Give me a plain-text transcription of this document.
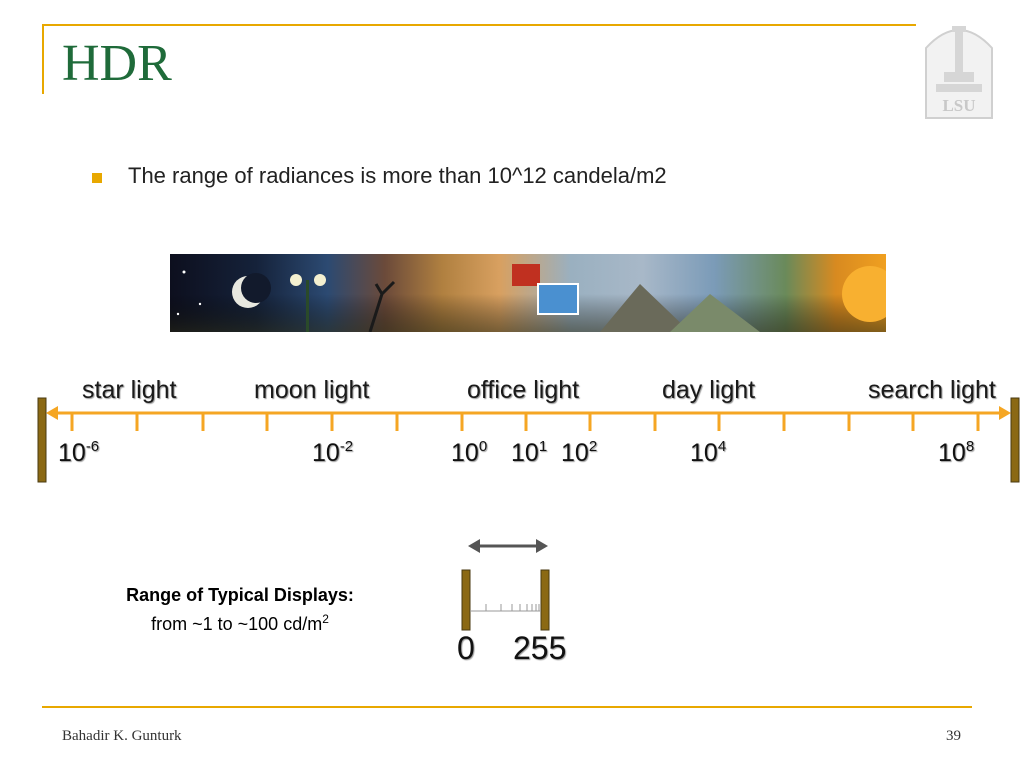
HDR
LSU
The range of radiances is more than 10^12 candela/m2
star light	moon light	office light	day light	search light
$10^{-6}$	$10^{-2}$	$10^0$ $10^1$ $10^2$	$10^4$	$10^8$
Range of Typical Displays:
from ~1 to ~100 $cd/m^2$
0 255
Bahadir K. Gunturk	39
